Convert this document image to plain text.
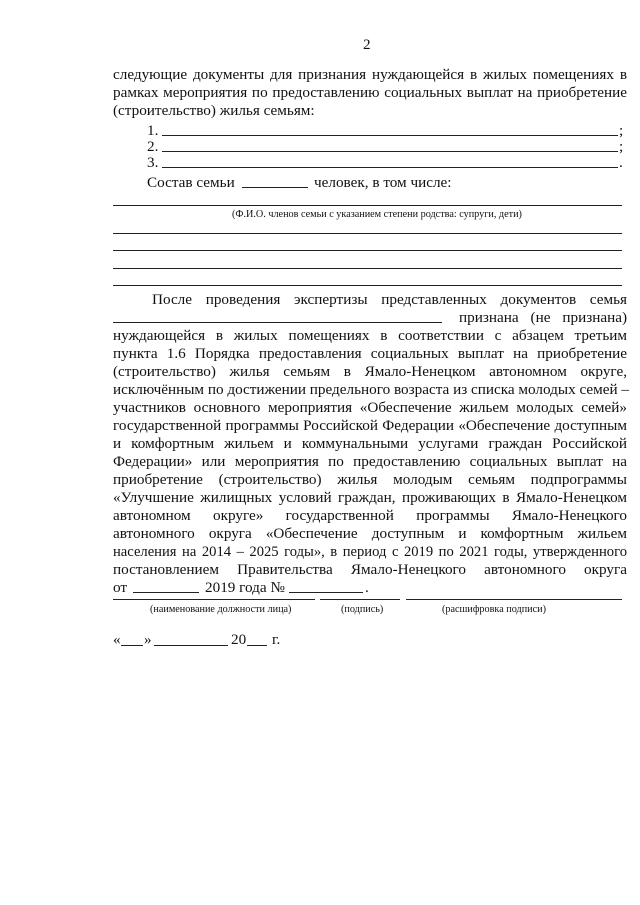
2
следующие документы для признания нуждающейся в жилых помещениях в
рамках мероприятия по предоставлению социальных выплат на приобретение
(строительство) жилья семьям:
1.	;
2.	;
3.	.
Состав семьи	человек, в том числе:
(Ф.И.О. членов семьи с указанием степени родства: супруги, дети)
После проведения экспертизы представленных документов семья
признана (не признана)
нуждающейся в жилых помещениях в соответствии с абзацем третьим
пункта 1.6 Порядка предоставления социальных выплат на приобретение
(строительство) жилья семьям в Ямало-Ненецком автономном округе,
исключённым по достижении предельного возраста из списка молодых семей –
участников основного мероприятия «Обеспечение жильем молодых семей»
государственной программы Российской Федерации «Обеспечение доступным
и комфортным жильем и коммунальными услугами граждан Российской
Федерации» или мероприятия по предоставлению социальных выплат на
приобретение (строительство) жилья молодым семьям подпрограммы
«Улучшение жилищных условий граждан, проживающих в Ямало-Ненецком
автономном округе» государственной программы Ямало-Ненецкого
автономного округа «Обеспечение доступным и комфортным жильем
населения на 2014 – 2025 годы», в период с 2019 по 2021 годы, утвержденного
постановлением Правительства Ямало-Ненецкого автономного округа
от	2019 года №	.
(наименование должности лица)	(подпись)	(расшифровка подписи)
« »	20 г.
